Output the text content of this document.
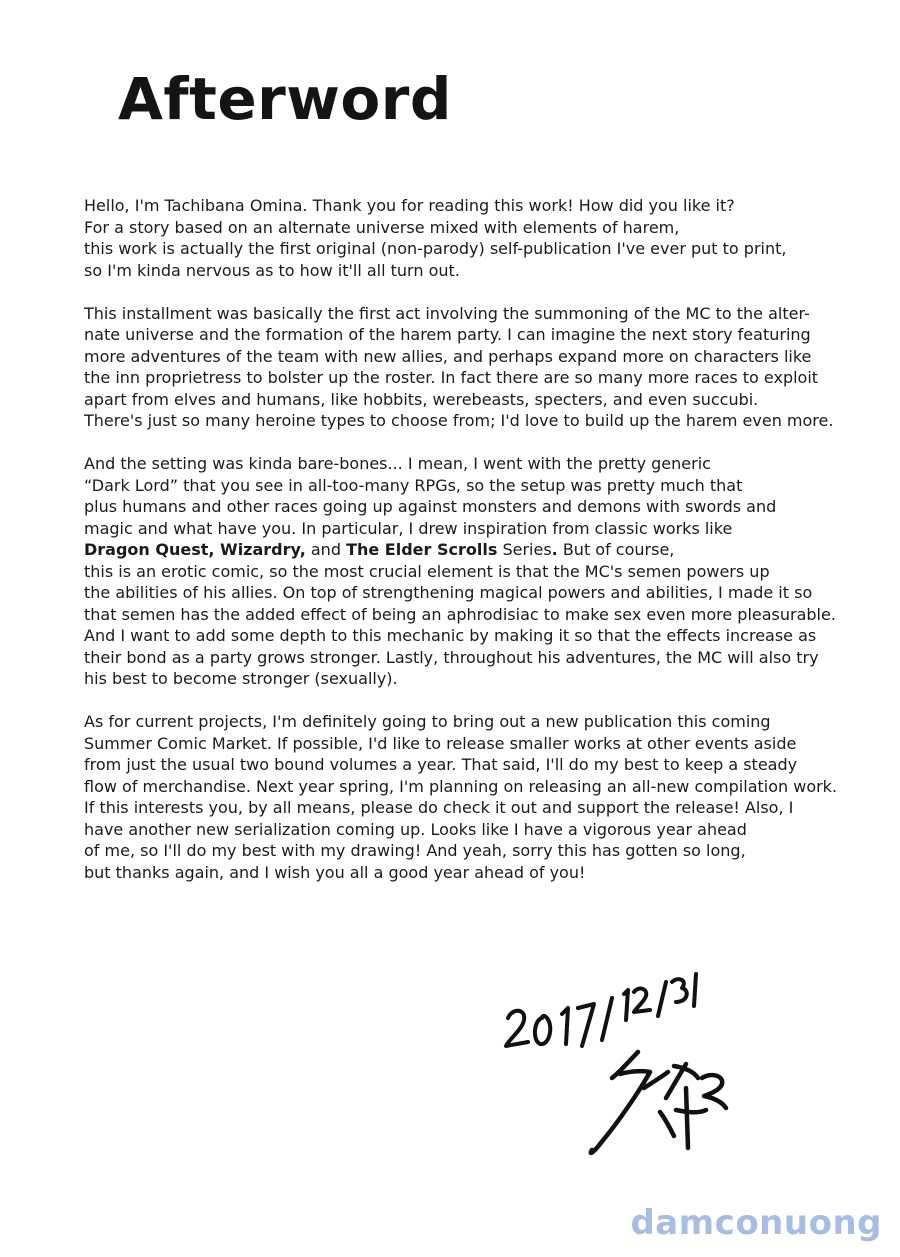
Afterword

Hello, I'm Tachibana Omina. Thank you for reading this work! How did you like it?
For a story based on an alternate universe mixed with elements of harem,
this work is actually the first original (non-parody) self-publication I've ever put to print,
so I'm kinda nervous as to how it'll all turn out.

This installment was basically the first act involving the summoning of the MC to the alter-
nate universe and the formation of the harem party. I can imagine the next story featuring
more adventures of the team with new allies, and perhaps expand more on characters like
the inn proprietress to bolster up the roster. In fact there are so many more races to exploit
apart from elves and humans, like hobbits, werebeasts, specters, and even succubi.
There's just so many heroine types to choose from; I'd love to build up the harem even more.

And the setting was kinda bare-bones... I mean, I went with the pretty generic
“Dark Lord” that you see in all-too-many RPGs, so the setup was pretty much that
plus humans and other races going up against monsters and demons with swords and
magic and what have you. In particular, I drew inspiration from classic works like
Dragon Quest, Wizardry, and The Elder Scrolls Series. But of course,
this is an erotic comic, so the most crucial element is that the MC's semen powers up
the abilities of his allies. On top of strengthening magical powers and abilities, I made it so
that semen has the added effect of being an aphrodisiac to make sex even more pleasurable.
And I want to add some depth to this mechanic by making it so that the effects increase as
their bond as a party grows stronger. Lastly, throughout his adventures, the MC will also try
his best to become stronger (sexually).

As for current projects, I'm definitely going to bring out a new publication this coming
Summer Comic Market. If possible, I'd like to release smaller works at other events aside
from just the usual two bound volumes a year. That said, I'll do my best to keep a steady
flow of merchandise. Next year spring, I'm planning on releasing an all-new compilation work.
If this interests you, by all means, please do check it out and support the release! Also, I
have another new serialization coming up. Looks like I have a vigorous year ahead
of me, so I'll do my best with my drawing! And yeah, sorry this has gotten so long,
but thanks again, and I wish you all a good year ahead of you!

damconuong
